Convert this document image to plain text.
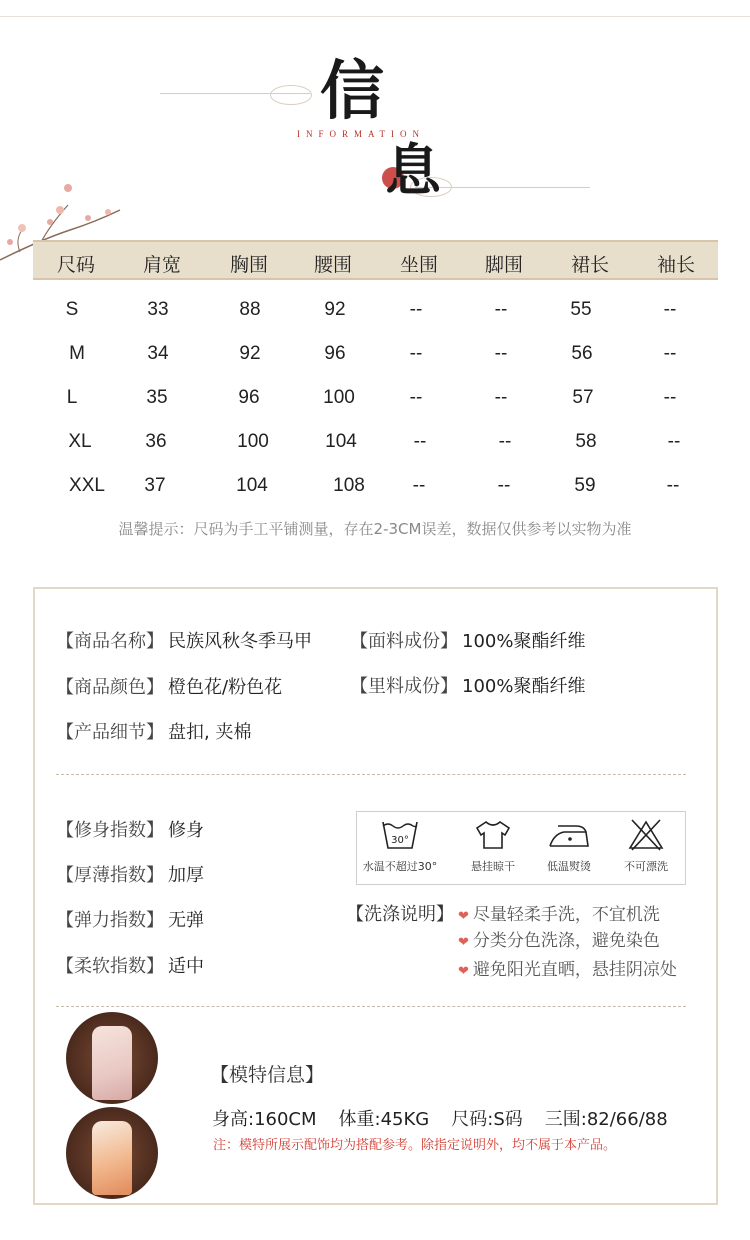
信
INFORMATION
息
尺码	肩宽	胸围 腰围	坐围 脚围	裙长	袖长
S	33	88	92	--	--	55	--
M	34	92	96	--	--	56	--
L	35	96	100	--	--	57	--
XL	36	100	104	--	--	58	--
XXL 37	104	108	--	--	59	--
温馨提示：尺码为手工平铺测量，存在2-3CM误差，数据仅供参考以实物为准
【商品名称】 民族风秋冬季马甲 【面料成份】 100%聚酯纤维
【商品颜色】 橙色花/粉色花	【里料成份】 100%聚酯纤维
【产品细节】 盘扣, 夹棉
【修身指数】 修身
【厚薄指数】 加厚
【弹力指数】 无弹
【柔软指数】 适中
30°
水温不超过30°	悬挂晾干	低温熨烫	不可漂洗
【洗涤说明】 ❤ 尽量轻柔手洗，不宜机洗
❤ 分类分色洗涤，避免染色
❤ 避免阳光直晒，悬挂阴凉处
【模特信息】
身高:160CM 体重:45KG 尺码:S码 三围:82/66/88
注：模特所展示配饰均为搭配参考。除指定说明外，均不属于本产品。
